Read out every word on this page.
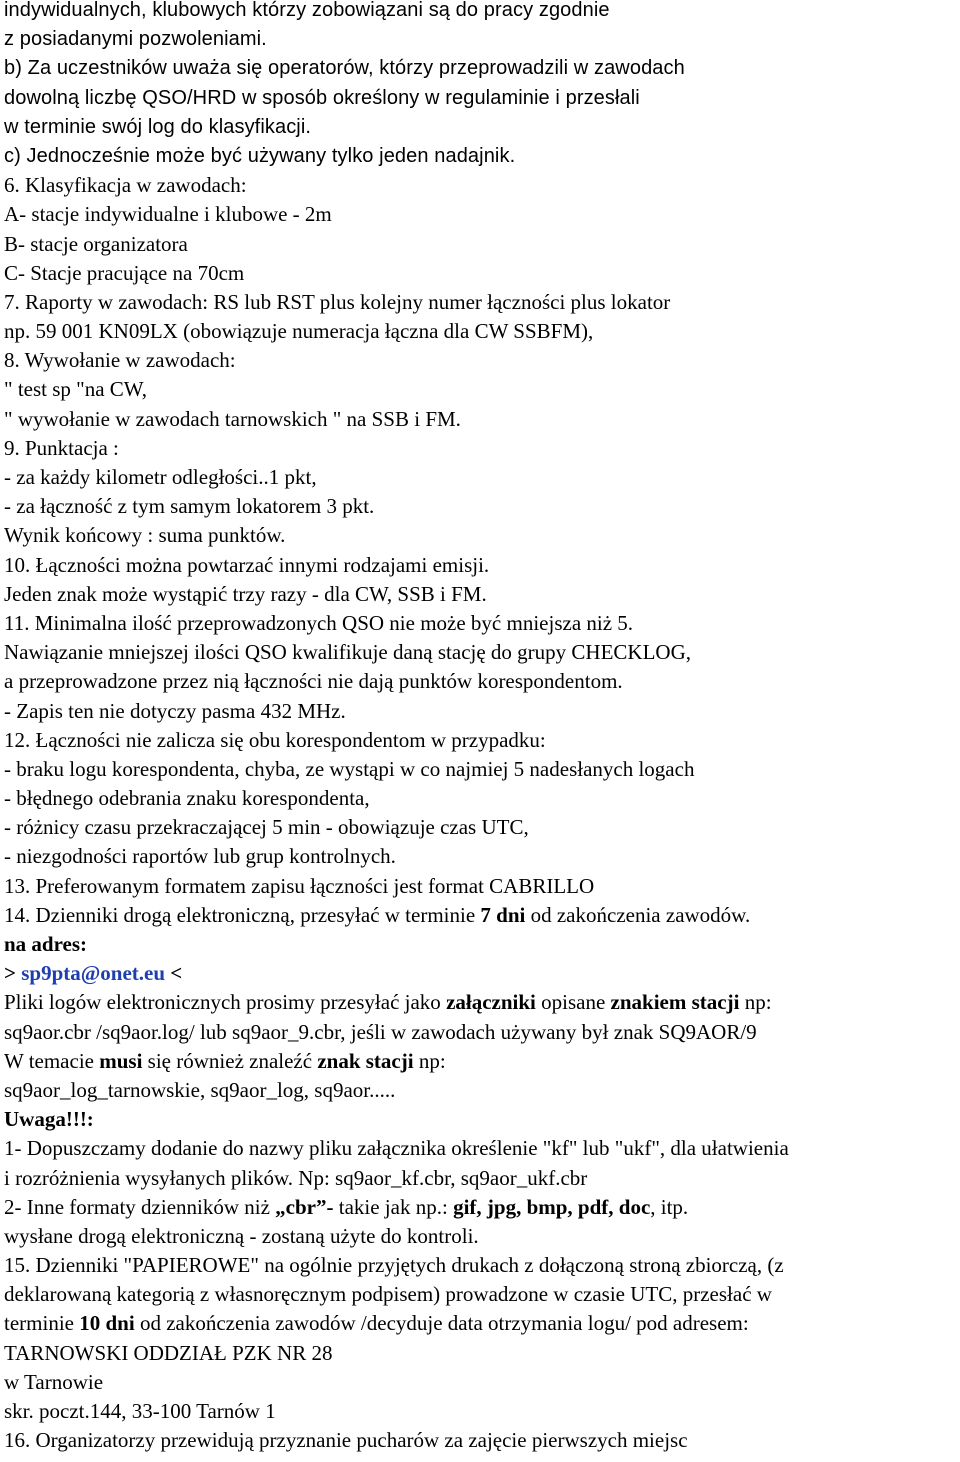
indywidualnych, klubowych którzy zobowiązani są do pracy zgodnie
z posiadanymi pozwoleniami.
b) Za uczestników uważa się operatorów, którzy przeprowadzili w zawodach
dowolną liczbę QSO/HRD w sposób określony w regulaminie i przesłali
w terminie swój log do klasyfikacji.
c) Jednocześnie może być używany tylko jeden nadajnik.
6. Klasyfikacja w zawodach:
A- stacje indywidualne i klubowe - 2m
B- stacje organizatora
C- Stacje pracujące na 70cm
7. Raporty w zawodach: RS lub RST plus kolejny numer łączności plus lokator
np. 59 001 KN09LX (obowiązuje numeracja łączna dla CW SSBFM),
8. Wywołanie w zawodach:
" test sp "na CW,
" wywołanie w zawodach tarnowskich " na SSB i FM.
9. Punktacja :
- za każdy kilometr odległości..1 pkt,
- za łączność z tym samym lokatorem 3 pkt.
Wynik końcowy : suma punktów.
10. Łączności można powtarzać innymi rodzajami emisji.
Jeden znak może wystąpić trzy razy - dla CW, SSB i FM.
11. Minimalna ilość przeprowadzonych QSO nie może być mniejsza niż 5.
Nawiązanie mniejszej ilości QSO kwalifikuje daną stację do grupy CHECKLOG,
a przeprowadzone przez nią łączności nie dają punktów korespondentom.
- Zapis ten nie dotyczy pasma 432 MHz.
12. Łączności nie zalicza się obu korespondentom w przypadku:
- braku logu korespondenta, chyba, ze wystąpi w co najmiej 5 nadesłanych logach
- błędnego odebrania znaku korespondenta,
- różnicy czasu przekraczającej 5 min - obowiązuje czas UTC,
- niezgodności raportów lub grup kontrolnych.
13. Preferowanym formatem zapisu łączności jest format CABRILLO
14. Dzienniki drogą elektroniczną, przesyłać w terminie 7 dni od zakończenia zawodów.
na adres:
> sp9pta@onet.eu <
Pliki logów elektronicznych prosimy przesyłać jako załączniki opisane znakiem stacji np:
sq9aor.cbr /sq9aor.log/ lub sq9aor_9.cbr, jeśli w zawodach używany był znak SQ9AOR/9
W temacie musi się również znaleźć znak stacji np:
sq9aor_log_tarnowskie, sq9aor_log, sq9aor.....
Uwaga!!!:
1- Dopuszczamy dodanie do nazwy pliku załącznika określenie "kf" lub "ukf", dla ułatwienia
i rozróżnienia wysyłanych plików. Np: sq9aor_kf.cbr, sq9aor_ukf.cbr
2- Inne formaty dzienników niż „cbr”- takie jak np.: gif, jpg, bmp, pdf, doc, itp.
wysłane drogą elektroniczną - zostaną użyte do kontroli.
15. Dzienniki "PAPIEROWE" na ogólnie przyjętych drukach z dołączoną stroną zbiorczą, (z
deklarowaną kategorią z własnoręcznym podpisem) prowadzone w czasie UTC, przesłać w
terminie 10 dni od zakończenia zawodów /decyduje data otrzymania logu/ pod adresem:
TARNOWSKI ODDZIAŁ PZK NR 28
w Tarnowie
skr. poczt.144, 33-100 Tarnów 1
16. Organizatorzy przewidują przyznanie pucharów za zajęcie pierwszych miejsc
